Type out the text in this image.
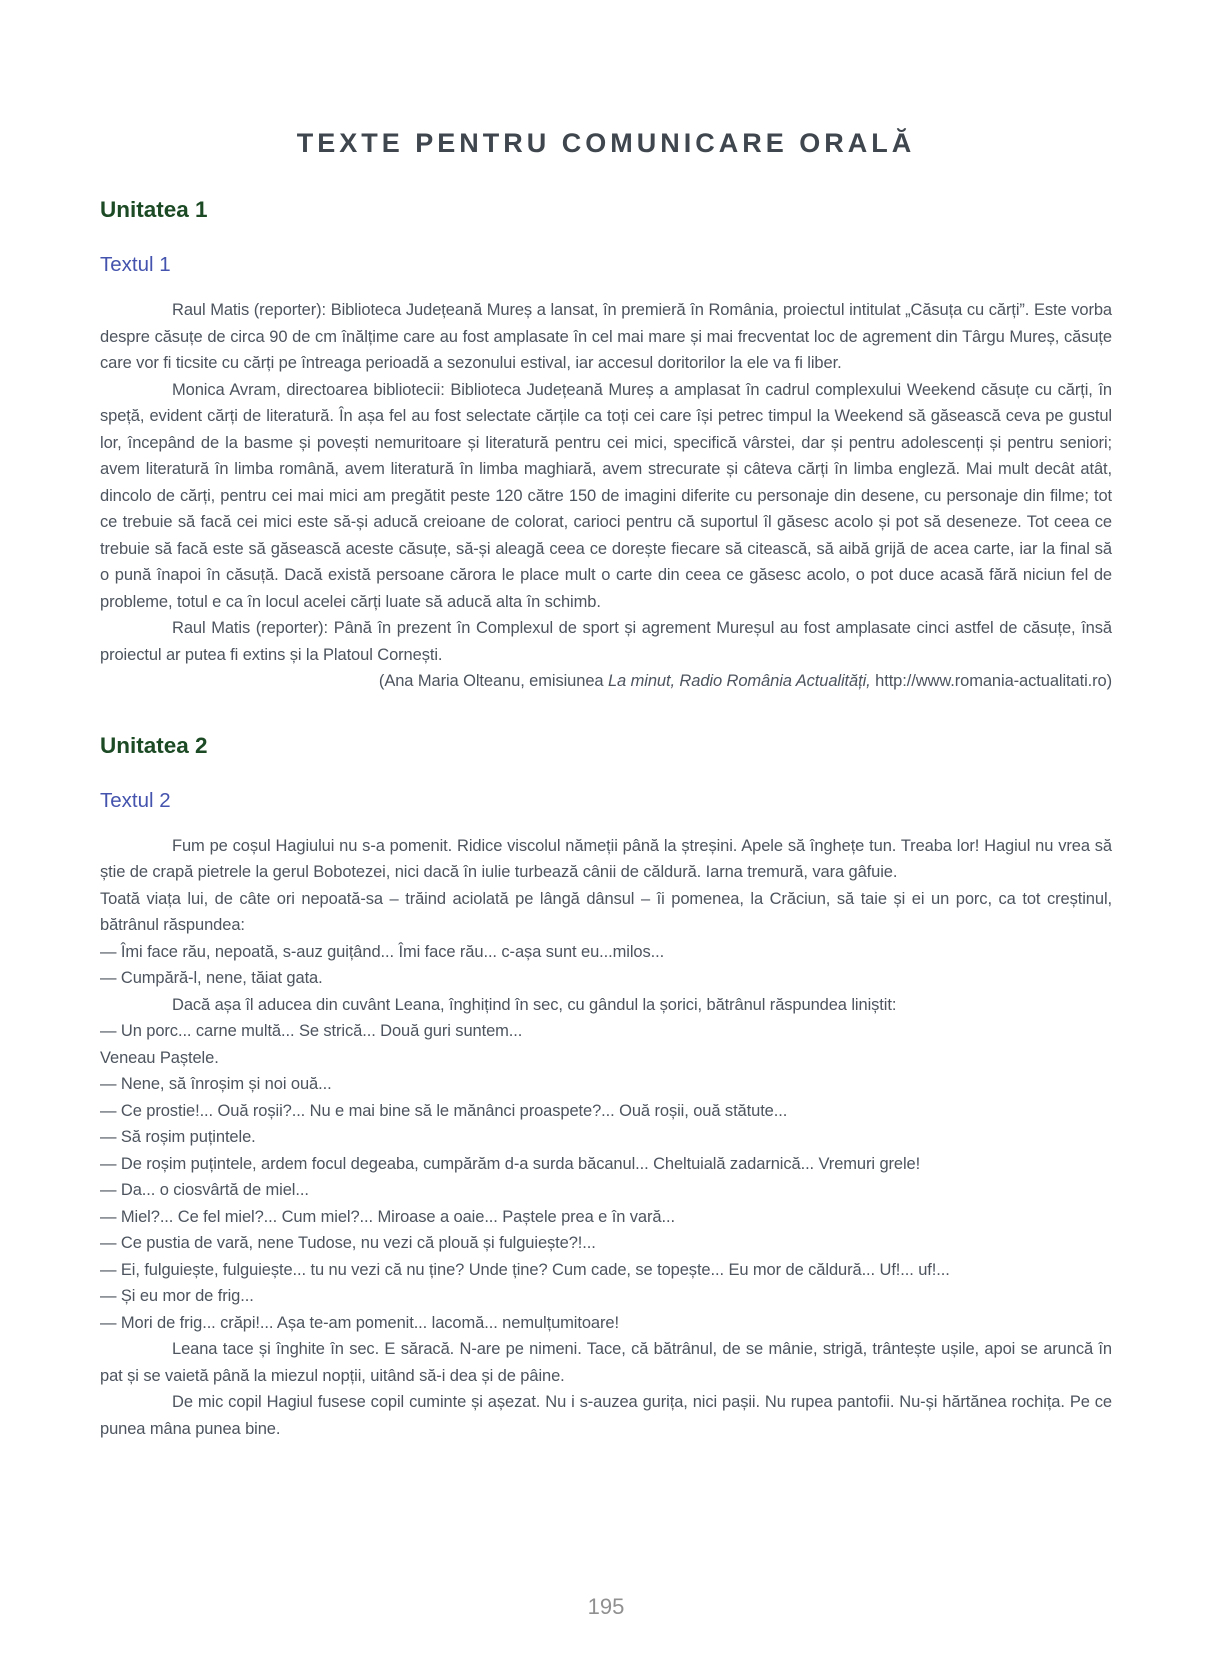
TEXTE PENTRU COMUNICARE ORALĂ
Unitatea 1
Textul 1

Raul Matis (reporter): Biblioteca Județeană Mureș a lansat, în premieră în România, proiectul intitulat „Căsuța cu cărți”. Este vorba despre căsuțe de circa 90 de cm înălțime care au fost amplasate în cel mai mare și mai frecventat loc de agrement din Târgu Mureș, căsuțe care vor fi ticsite cu cărți pe întreaga perioadă a sezonului estival, iar accesul doritorilor la ele va fi liber.

Monica Avram, directoarea bibliotecii: Biblioteca Județeană Mureș a amplasat în cadrul complexului Weekend căsuțe cu cărți, în speță, evident cărți de literatură. În așa fel au fost selectate cărțile ca toți cei care își petrec timpul la Weekend să găsească ceva pe gustul lor, începând de la basme și povești nemuritoare și literatură pentru cei mici, specifică vârstei, dar și pentru adolescenți și pentru seniori; avem literatură în limba română, avem literatură în limba maghiară, avem strecurate și câteva cărți în limba engleză. Mai mult decât atât, dincolo de cărți, pentru cei mai mici am pregătit peste 120 către 150 de imagini diferite cu personaje din desene, cu personaje din filme; tot ce trebuie să facă cei mici este să-și aducă creioane de colorat, carioci pentru că suportul îl găsesc acolo și pot să deseneze. Tot ceea ce trebuie să facă este să găsească aceste căsuțe, să-și aleagă ceea ce dorește fiecare să citească, să aibă grijă de acea carte, iar la final să o pună înapoi în căsuță. Dacă există persoane cărora le place mult o carte din ceea ce găsesc acolo, o pot duce acasă fără niciun fel de probleme, totul e ca în locul acelei cărți luate să aducă alta în schimb.

Raul Matis (reporter): Până în prezent în Complexul de sport și agrement Mureșul au fost amplasate cinci astfel de căsuțe, însă proiectul ar putea fi extins și la Platoul Cornești.

(Ana Maria Olteanu, emisiunea La minut, Radio România Actualități, http://www.romania-actualitati.ro)

Unitatea 2
Textul 2

Fum pe coșul Hagiului nu s-a pomenit. Ridice viscolul nămeții până la ștreșini. Apele să înghețe tun. Treaba lor! Hagiul nu vrea să știe de crapă pietrele la gerul Bobotezei, nici dacă în iulie turbează cânii de căldură. Iarna tremură, vara gâfuie.

Toată viața lui, de câte ori nepoată-sa – trăind aciolată pe lângă dânsul – îi pomenea, la Crăciun, să taie și ei un porc, ca tot creștinul, bătrânul răspundea:

— Îmi face rău, nepoată, s-auz guițând... Îmi face rău... c-așa sunt eu...milos...

— Cumpără-l, nene, tăiat gata.

Dacă așa îl aducea din cuvânt Leana, înghițind în sec, cu gândul la șorici, bătrânul răspundea liniștit:

— Un porc... carne multă... Se strică... Două guri suntem...

Veneau Paștele.

— Nene, să înroșim și noi ouă...

— Ce prostie!... Ouă roșii?... Nu e mai bine să le mănânci proaspete?... Ouă roșii, ouă stătute...

— Să roșim puțintele.

— De roșim puțintele, ardem focul degeaba, cumpărăm d-a surda băcanul... Cheltuială zadarnică... Vremuri grele!

— Da... o ciosvârtă de miel...

— Miel?... Ce fel miel?... Cum miel?... Miroase a oaie... Paștele prea e în vară...

— Ce pustia de vară, nene Tudose, nu vezi că plouă și fulguiește?!...

— Ei, fulguiește, fulguiește... tu nu vezi că nu ține? Unde ține? Cum cade, se topește... Eu mor de căldură... Uf!... uf!...

— Și eu mor de frig...

— Mori de frig... crăpi!... Așa te-am pomenit... lacomă... nemulțumitoare!

Leana tace și înghite în sec. E săracă. N-are pe nimeni. Tace, că bătrânul, de se mânie, strigă, trântește ușile, apoi se aruncă în pat și se vaietă până la miezul nopții, uitând să-i dea și de pâine.

De mic copil Hagiul fusese copil cuminte și așezat. Nu i s-auzea gurița, nici pașii. Nu rupea pantofii. Nu-și hărtănea rochița. Pe ce punea mâna punea bine.

195
